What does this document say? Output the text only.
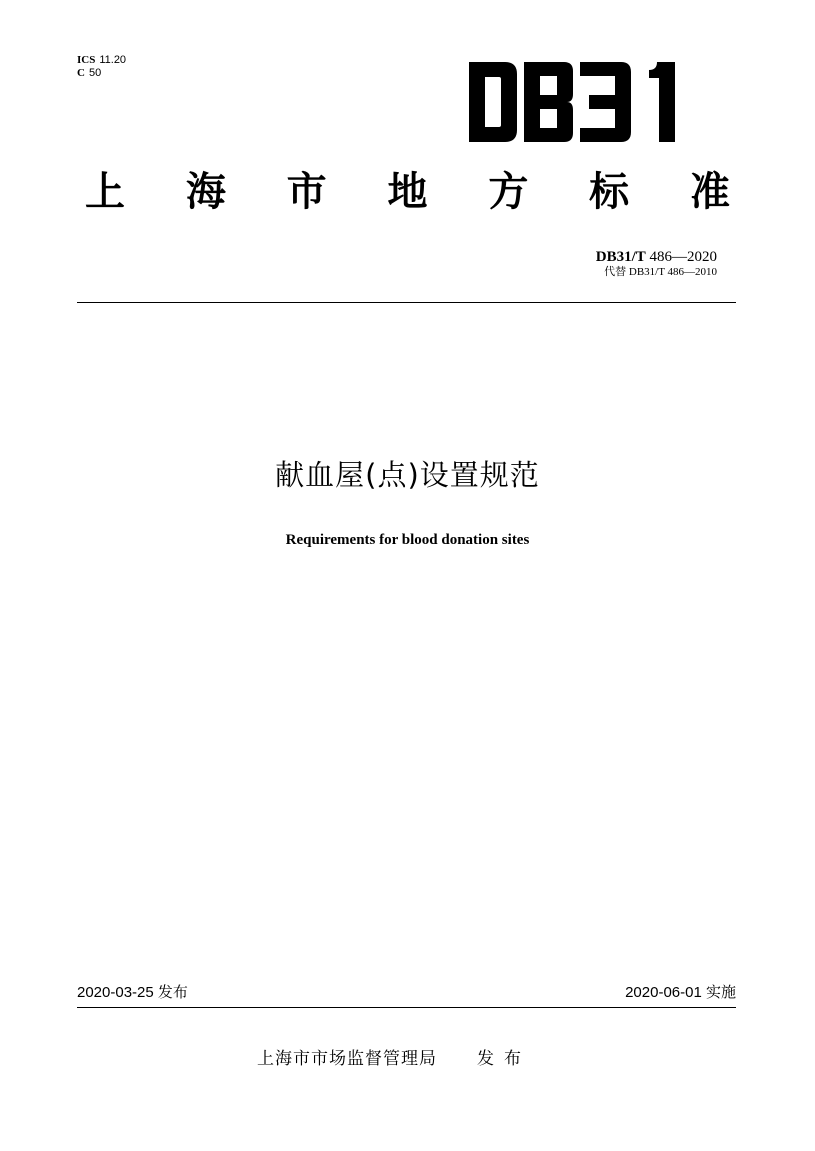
ICS 11.20
C 50
上 海 市 地 方 标 准
DB31/T 486—2020
代替 DB31/T 486—2010
献血屋(点)设置规范
Requirements for blood donation sites
2020-03-25 发布	2020-06-01 实施
上海市市场监督管理局 发布
